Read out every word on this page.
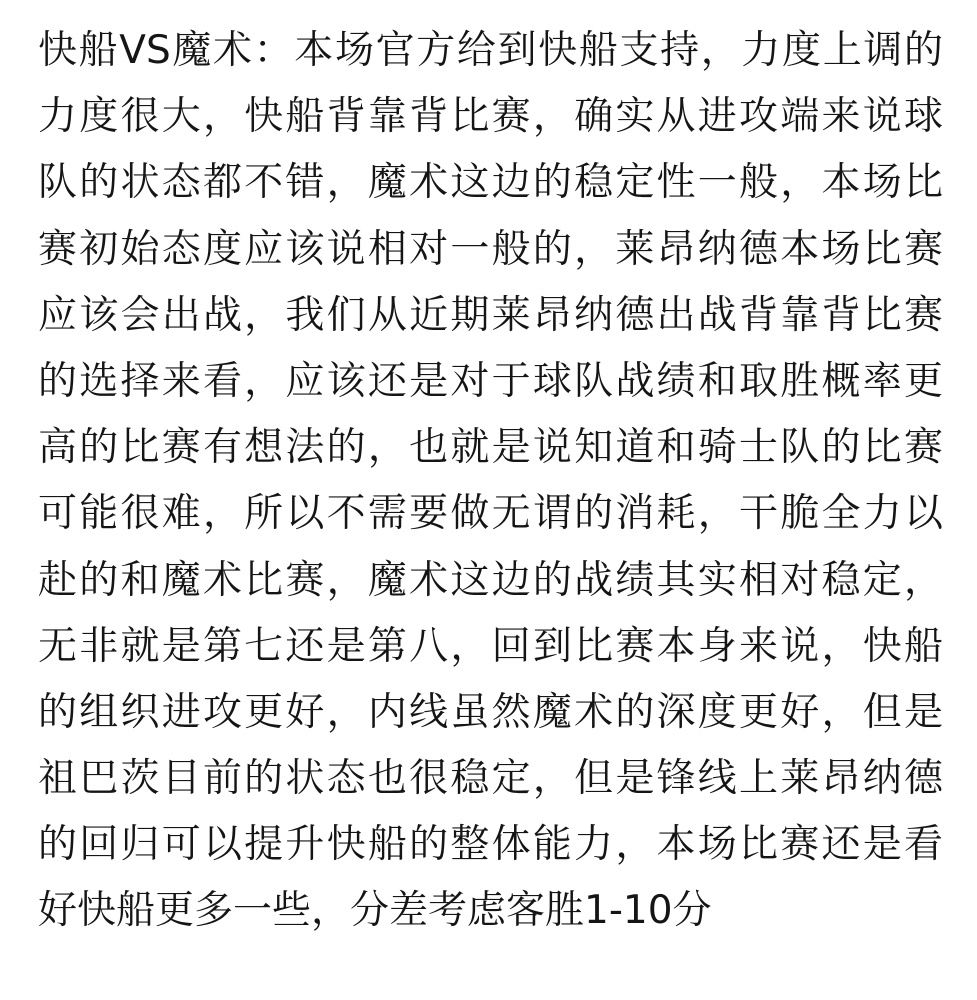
快船VS魔术：本场官方给到快船支持，力度上调的
力度很大，快船背靠背比赛，确实从进攻端来说球
队的状态都不错，魔术这边的稳定性一般，本场比
赛初始态度应该说相对一般的，莱昂纳德本场比赛
应该会出战，我们从近期莱昂纳德出战背靠背比赛
的选择来看，应该还是对于球队战绩和取胜概率更
高的比赛有想法的，也就是说知道和骑士队的比赛
可能很难，所以不需要做无谓的消耗，干脆全力以
赴的和魔术比赛，魔术这边的战绩其实相对稳定，
无非就是第七还是第八，回到比赛本身来说，快船
的组织进攻更好，内线虽然魔术的深度更好，但是
祖巴茨目前的状态也很稳定，但是锋线上莱昂纳德
的回归可以提升快船的整体能力，本场比赛还是看
好快船更多一些，分差考虑客胜1-10分
